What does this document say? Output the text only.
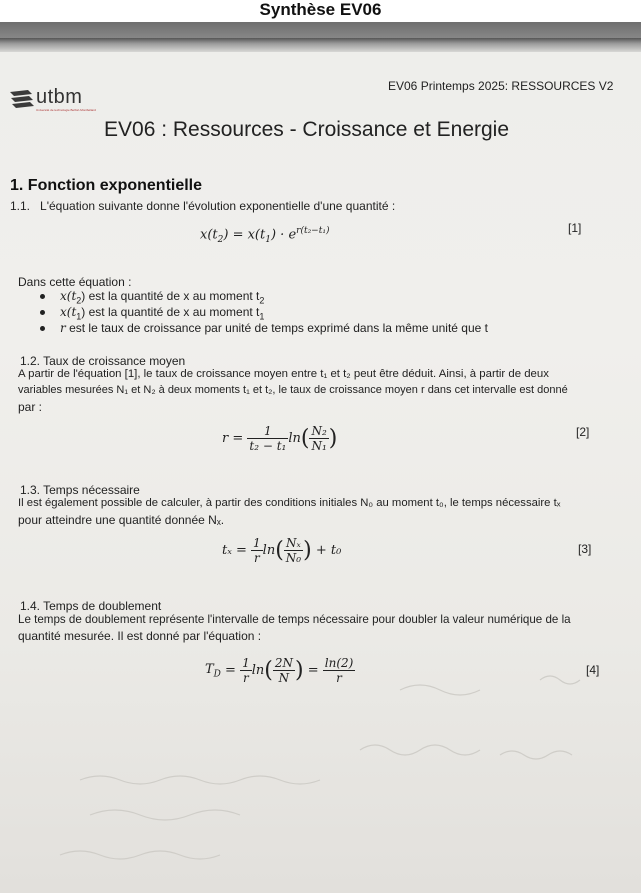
Synthèse EV06
EV06 Printemps 2025: RESSOURCES V2
utbm
Université de technologie Belfort-Montbéliard
EV06 : Ressources - Croissance et Energie
1. Fonction exponentielle
1.1. L'équation suivante donne l'évolution exponentielle d'une quantité :
$x(t_2) = x(t_1) \cdot e^{r(t_2-t_1)}$	[1]
Dans cette équation :
$x(t_2)$ est la quantité de x au moment $t_2$
$x(t_1)$ est la quantité de x au moment $t_1$
r est le taux de croissance par unité de temps exprimé dans la même unité que t
1.2. Taux de croissance moyen
A partir de l'équation [1], le taux de croissance moyen entre t₁ et t₂ peut être déduit. Ainsi, à partir de deux
variables mesurées N₁ et N₂ à deux moments t₁ et t₂, le taux de croissance moyen r dans cet intervalle est donné
par :
$r = \frac{1}{\text{t₂ − t₁}} \ln( \frac{\text{N₂}}{\text{N₁}}$ )	[2]
1.3. Temps nécessaire
Il est également possible de calculer, à partir des conditions initiales N₀ au moment t₀, le temps nécessaire tₓ
pour atteindre une quantité donnée Nₓ.
$t_x = \frac{1}{r} \ln( \frac{\text{Nₓ}}{\text{N₀}}$ ) + t₀	[3]
1.4. Temps de doublement
Le temps de doublement représente l'intervalle de temps nécessaire pour doubler la valeur numérique de la
quantité mesurée. Il est donné par l'équation :
$T_D = \frac{1}{r} \ln( \frac{2N}{N}$ ) = $\frac{\ln(2)}{r}$	[4]
